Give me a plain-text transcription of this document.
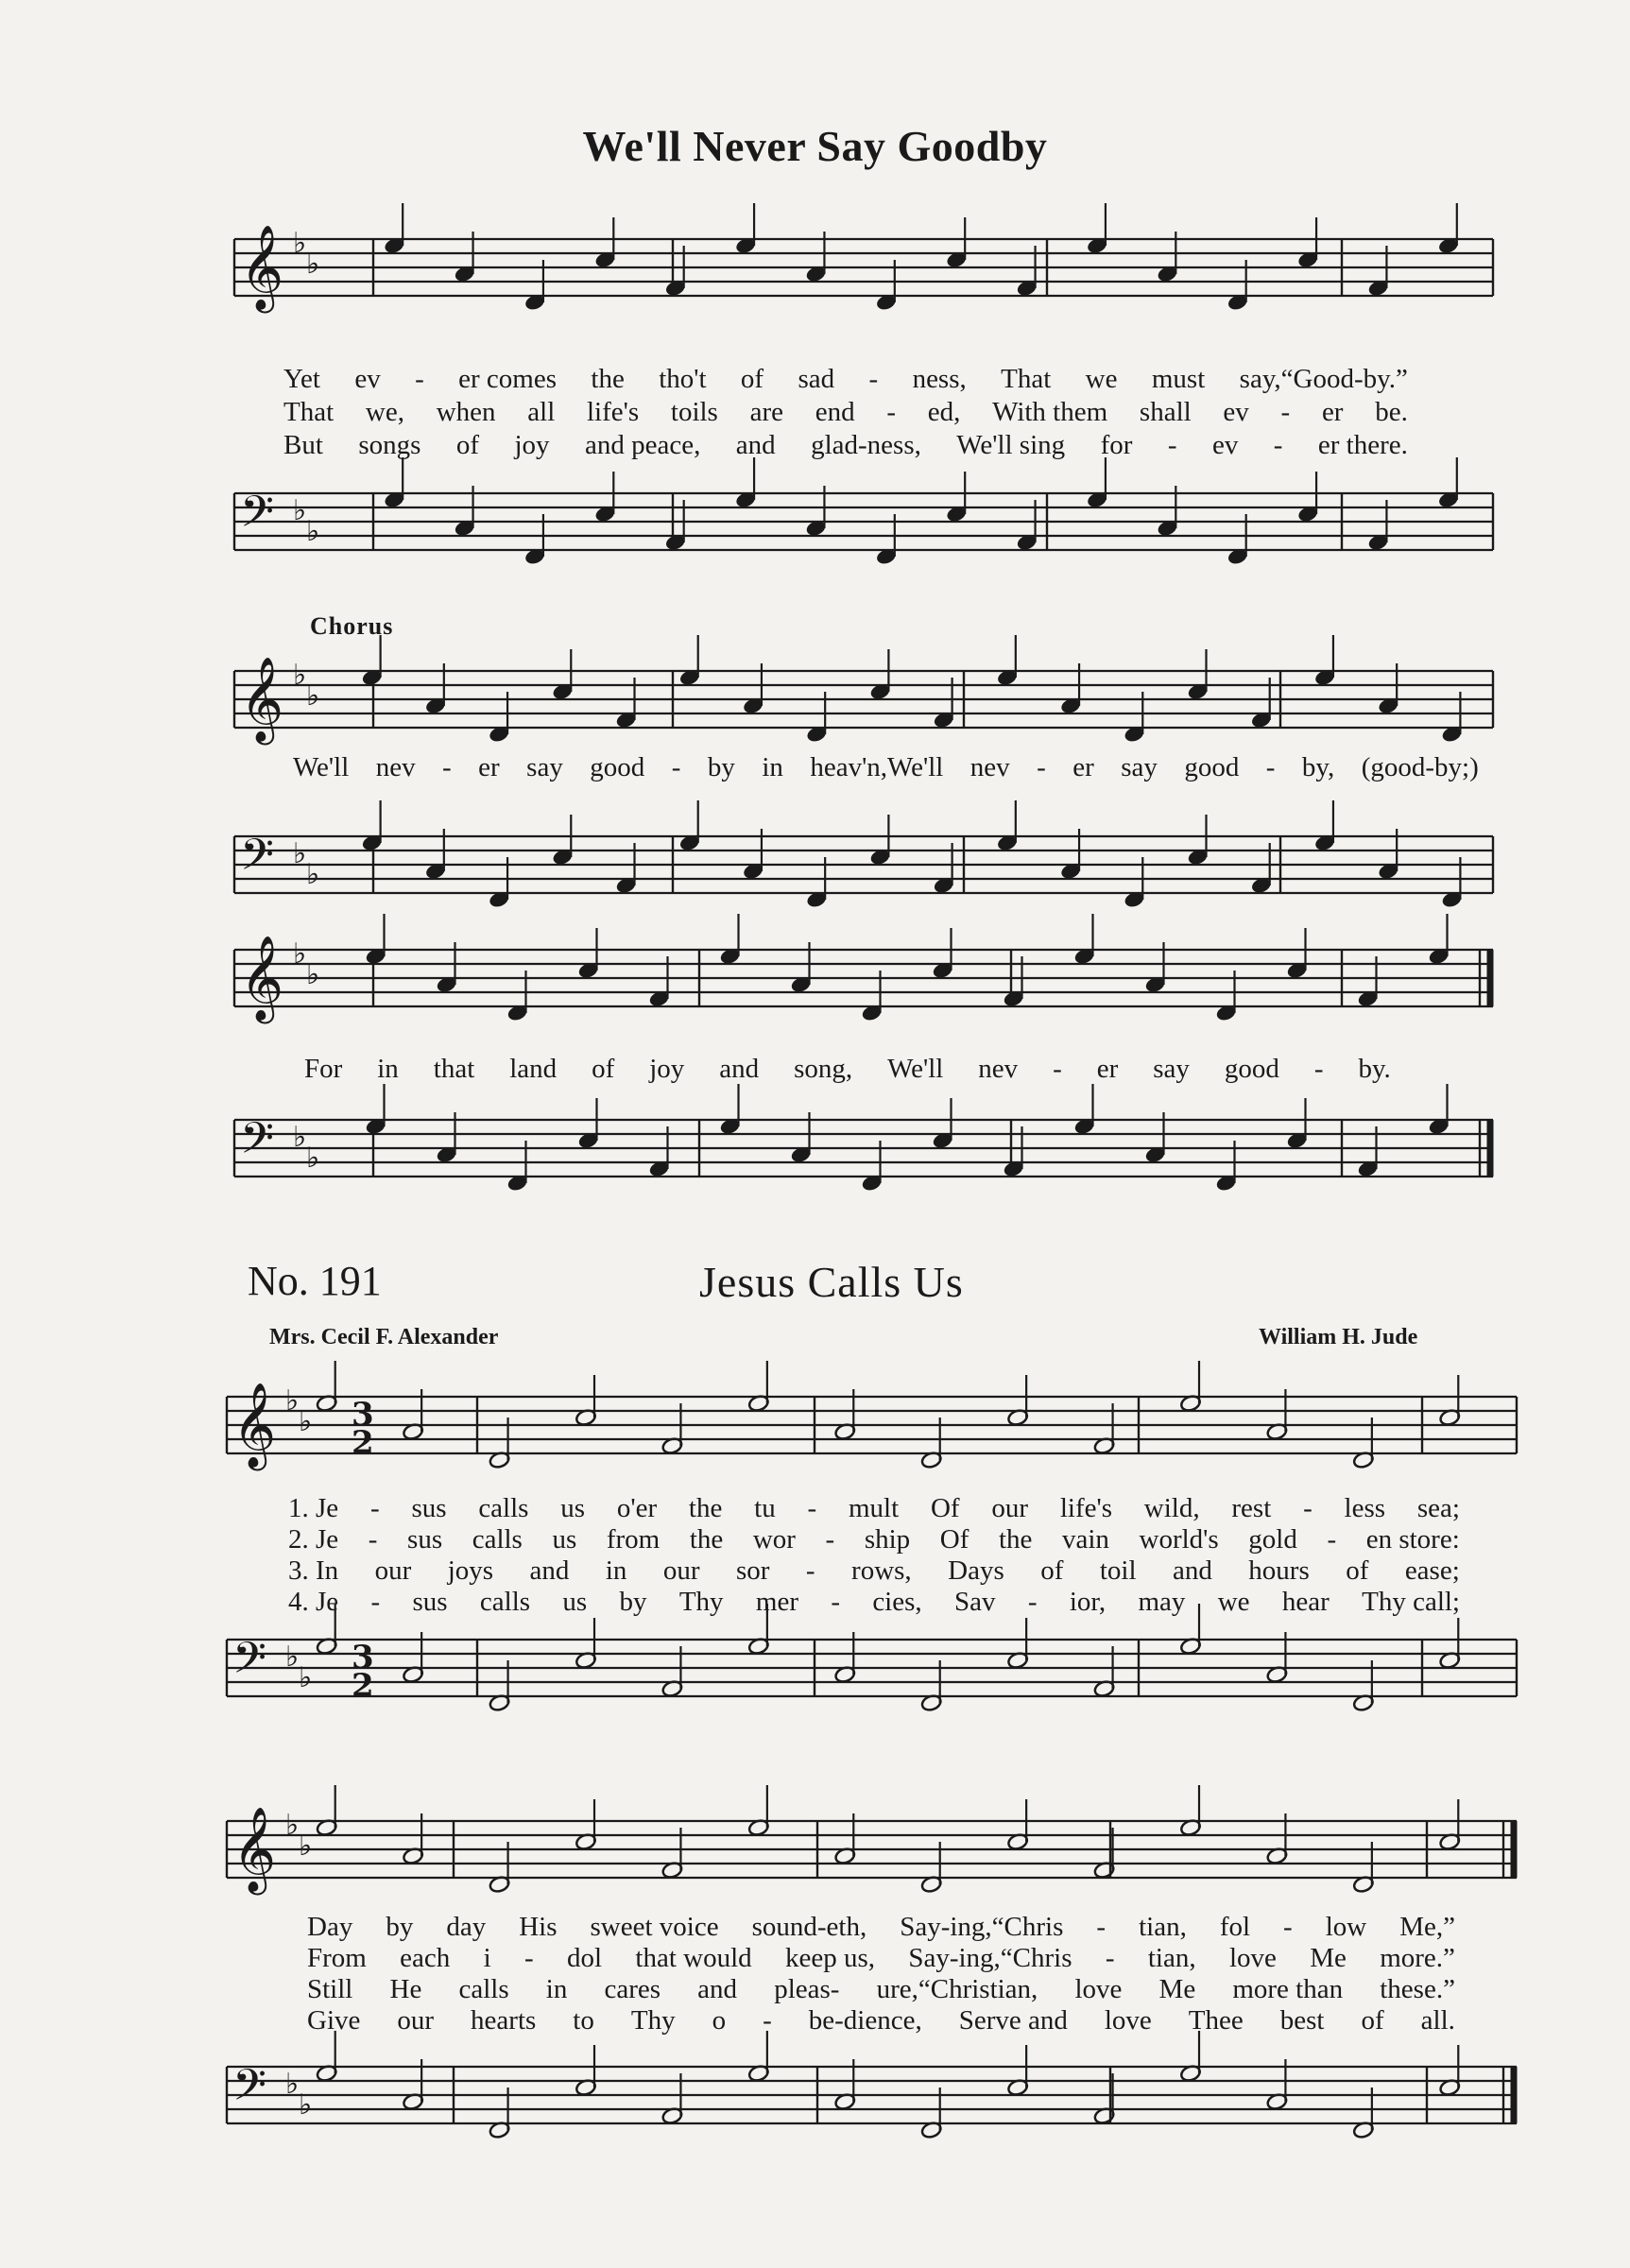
We'll Never Say Goodby
Chorus
No. 191	Jesus Calls Us
Mrs. Cecil F. Alexander	William H. Jude
𝄞 ♭
♭
𝄢 ♭
♭
𝄞 ♭
♭
𝄢 ♭
♭
𝄞 ♭
♭
𝄢 ♭
♭
𝄞 ♭
♭
𝄢 ♭
♭
𝄞 ♭
♭
𝄢 ♭
♭
3
2
3
2
Yet ev - er comes the tho't of sad - ness, That we must say,“Good-by.”
That we, when all life's toils are end - ed, With them shall ev - er be.
But songs of joy and peace, and glad-ness, We'll sing for - ev - er there.
We'll nev - er say good - by in heav'n,We'll nev - er say good - by, (good-by;)
For in that land of joy and song, We'll nev - er say good - by.
1. Je - sus calls us o'er the tu - mult Of our life's wild, rest - less sea;
2. Je - sus calls us from the wor - ship Of the vain world's gold - en store:
3. In our joys and in our sor - rows, Days of toil and hours of ease;
4. Je - sus calls us by Thy mer - cies, Sav - ior, may we hear Thy call;
Day by day His sweet voice sound-eth, Say-ing,“Chris - tian, fol - low Me,”
From each i - dol that would keep us, Say-ing,“Chris - tian, love Me more.”
Still He calls in cares and pleas- ure,“Christian, love Me more than these.”
Give our hearts to Thy o - be-dience, Serve and love Thee best of all.
